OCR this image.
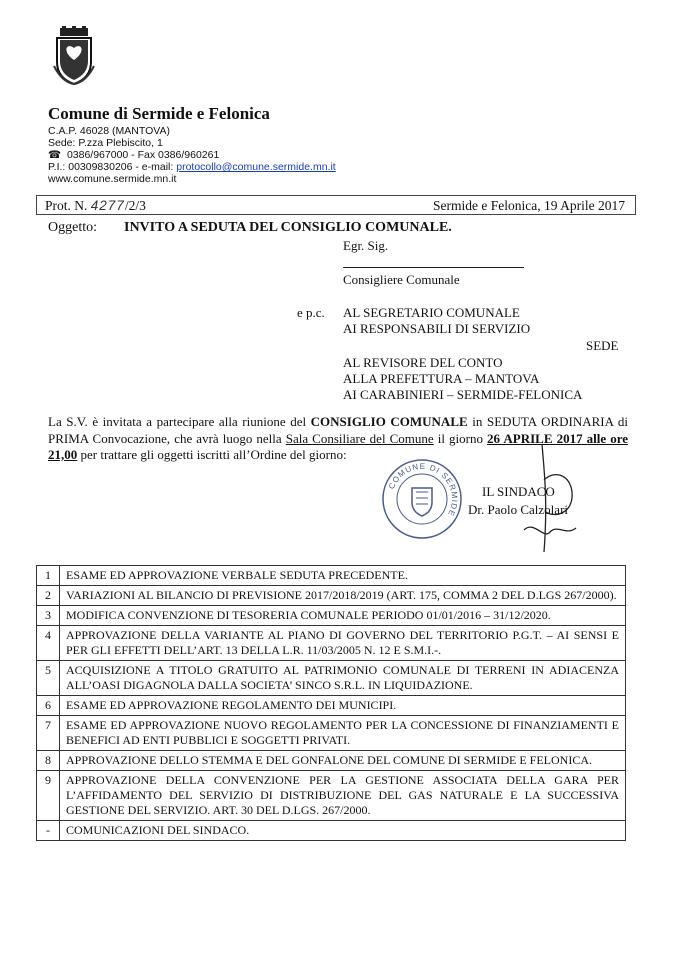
Comune di Sermide e Felonica
C.A.P. 46028 (MANTOVA)
Sede: P.zza Plebiscito, 1
☎ 0386/967000 - Fax 0386/960261
P.I.: 00309830206 - e-mail: protocollo@comune.sermide.mn.it
www.comune.sermide.mn.it
Prot. N. 4277/2/3	Sermide e Felonica, 19 Aprile 2017
Oggetto: INVITO A SEDUTA DEL CONSIGLIO COMUNALE.
Egr. Sig.
Consigliere Comunale
e p.c. AL SEGRETARIO COMUNALE
AI RESPONSABILI DI SERVIZIO
SEDE
AL REVISORE DEL CONTO
ALLA PREFETTURA – MANTOVA
AI CARABINIERI – SERMIDE-FELONICA
La S.V. è invitata a partecipare alla riunione del CONSIGLIO COMUNALE in SEDUTA ORDINARIA di PRIMA Convocazione, che avrà luogo nella Sala Consiliare del Comune il giorno 26 APRILE 2017 alle ore 21,00 per trattare gli oggetti iscritti all’Ordine del giorno:
COMUNE DI SERMIDE
IL SINDACO
Dr. Paolo Calzolari
1	ESAME ED APPROVAZIONE VERBALE SEDUTA PRECEDENTE.
2	VARIAZIONI AL BILANCIO DI PREVISIONE 2017/2018/2019 (ART. 175, COMMA 2 DEL D.LGS 267/2000).
3	MODIFICA CONVENZIONE DI TESORERIA COMUNALE PERIODO 01/01/2016 – 31/12/2020.
4	APPROVAZIONE DELLA VARIANTE AL PIANO DI GOVERNO DEL TERRITORIO P.G.T. – AI SENSI E PER GLI EFFETTI DELL’ART. 13 DELLA L.R. 11/03/2005 N. 12 E S.M.I.-.
5	ACQUISIZIONE A TITOLO GRATUITO AL PATRIMONIO COMUNALE DI TERRENI IN ADIACENZA ALL’OASI DIGAGNOLA DALLA SOCIETA’ SINCO S.R.L. IN LIQUIDAZIONE.
6	ESAME ED APPROVAZIONE REGOLAMENTO DEI MUNICIPI.
7	ESAME ED APPROVAZIONE NUOVO REGOLAMENTO PER LA CONCESSIONE DI FINANZIAMENTI E BENEFICI AD ENTI PUBBLICI E SOGGETTI PRIVATI.
8	APPROVAZIONE DELLO STEMMA E DEL GONFALONE DEL COMUNE DI SERMIDE E FELONICA.
9	APPROVAZIONE DELLA CONVENZIONE PER LA GESTIONE ASSOCIATA DELLA GARA PER L’AFFIDAMENTO DEL SERVIZIO DI DISTRIBUZIONE DEL GAS NATURALE E LA SUCCESSIVA GESTIONE DEL SERVIZIO. ART. 30 DEL D.LGS. 267/2000.
-	COMUNICAZIONI DEL SINDACO.
